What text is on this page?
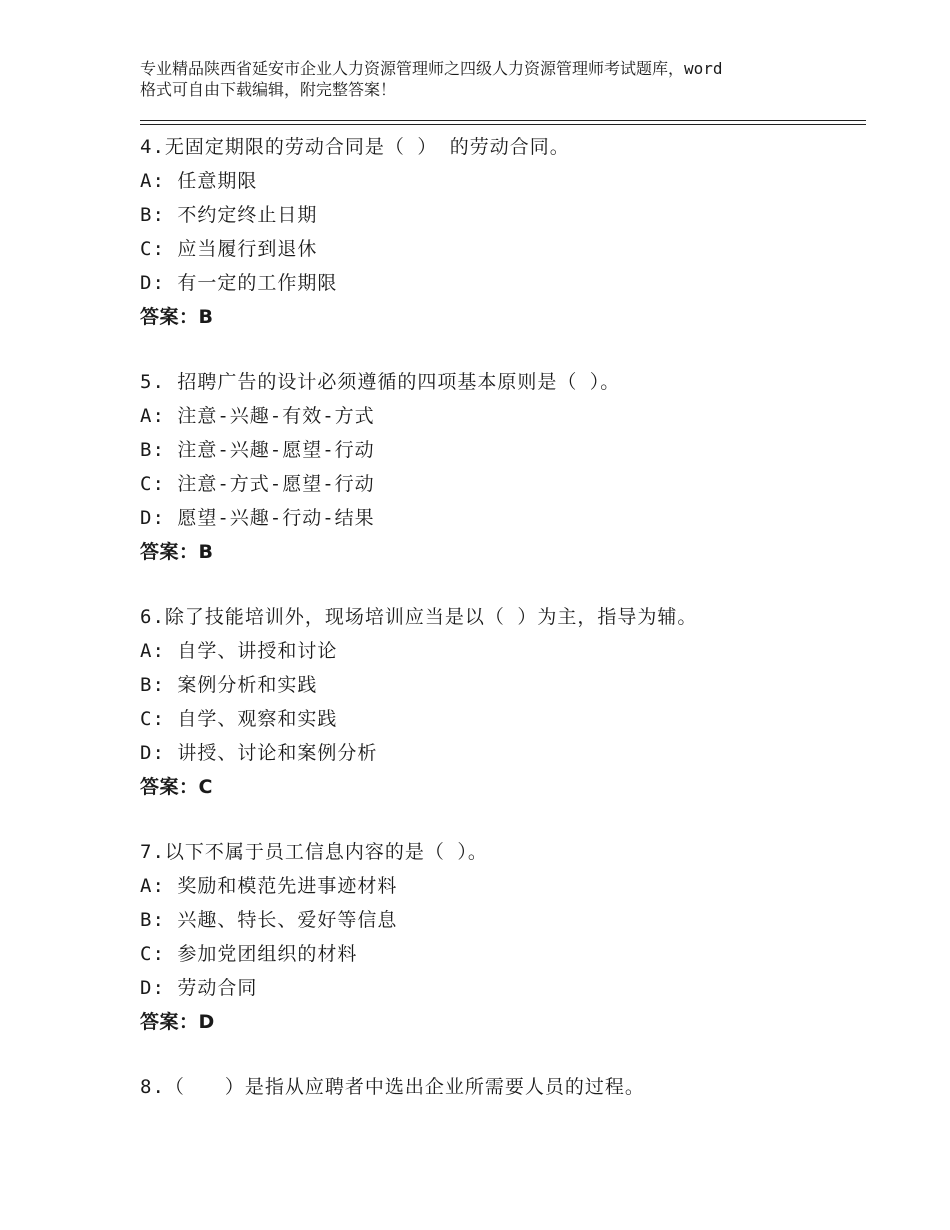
专业精品陕西省延安市企业人力资源管理师之四级人力资源管理师考试题库，word
格式可自由下载编辑，附完整答案！
4.无固定期限的劳动合同是（ ） 的劳动合同。
A: 任意期限
B: 不约定终止日期
C: 应当履行到退休
D: 有一定的工作期限
答案：B
5. 招聘广告的设计必须遵循的四项基本原则是（ ）。
A: 注意-兴趣-有效-方式
B: 注意-兴趣-愿望-行动
C: 注意-方式-愿望-行动
D: 愿望-兴趣-行动-结果
答案：B
6.除了技能培训外，现场培训应当是以（ ）为主，指导为辅。
A: 自学、讲授和讨论
B: 案例分析和实践
C: 自学、观察和实践
D: 讲授、讨论和案例分析
答案：C
7.以下不属于员工信息内容的是（ ）。
A: 奖励和模范先进事迹材料
B: 兴趣、特长、爱好等信息
C: 参加党团组织的材料
D: 劳动合同
答案：D
8.（　　）是指从应聘者中选出企业所需要人员的过程。
